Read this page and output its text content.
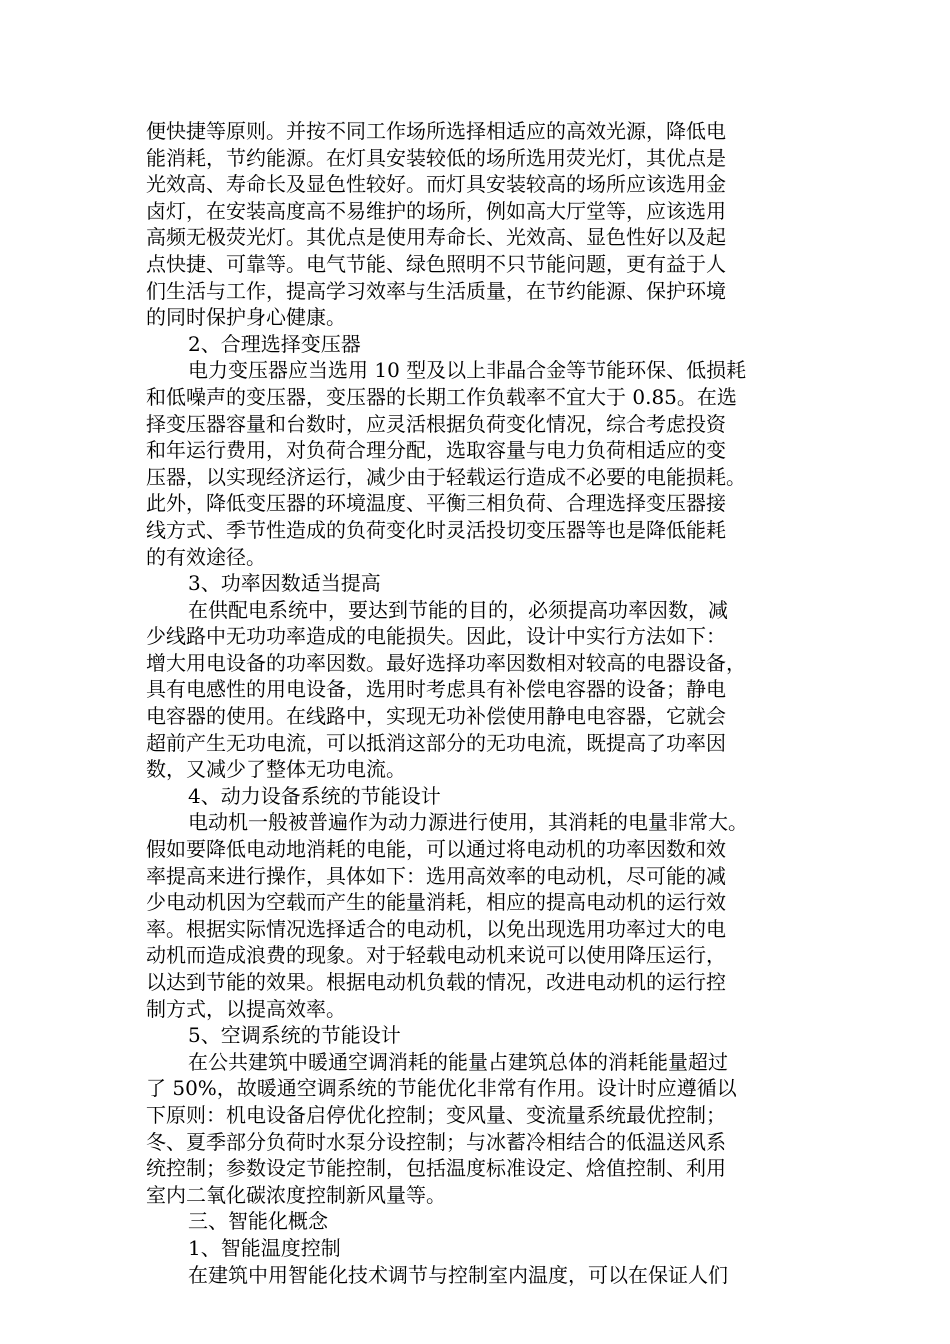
便快捷等原则。并按不同工作场所选择相适应的高效光源，降低电
能消耗，节约能源。在灯具安装较低的场所选用荧光灯，其优点是
光效高、寿命长及显色性较好。而灯具安装较高的场所应该选用金
卤灯，在安装高度高不易维护的场所，例如高大厅堂等，应该选用
高频无极荧光灯。其优点是使用寿命长、光效高、显色性好以及起
点快捷、可靠等。电气节能、绿色照明不只节能问题，更有益于人
们生活与工作，提高学习效率与生活质量，在节约能源、保护环境
的同时保护身心健康。
2、合理选择变压器
电力变压器应当选用 10 型及以上非晶合金等节能环保、低损耗
和低噪声的变压器，变压器的长期工作负载率不宜大于 0.85。在选
择变压器容量和台数时，应灵活根据负荷变化情况，综合考虑投资
和年运行费用，对负荷合理分配，选取容量与电力负荷相适应的变
压器，以实现经济运行，减少由于轻载运行造成不必要的电能损耗。
此外，降低变压器的环境温度、平衡三相负荷、合理选择变压器接
线方式、季节性造成的负荷变化时灵活投切变压器等也是降低能耗
的有效途径。
3、功率因数适当提高
在供配电系统中，要达到节能的目的，必须提高功率因数，减
少线路中无功功率造成的电能损失。因此，设计中实行方法如下：
增大用电设备的功率因数。最好选择功率因数相对较高的电器设备，
具有电感性的用电设备，选用时考虑具有补偿电容器的设备；静电
电容器的使用。在线路中，实现无功补偿使用静电电容器，它就会
超前产生无功电流，可以抵消这部分的无功电流，既提高了功率因
数，又减少了整体无功电流。
4、动力设备系统的节能设计
电动机一般被普遍作为动力源进行使用，其消耗的电量非常大。
假如要降低电动地消耗的电能，可以通过将电动机的功率因数和效
率提高来进行操作，具体如下：选用高效率的电动机，尽可能的减
少电动机因为空载而产生的能量消耗，相应的提高电动机的运行效
率。根据实际情况选择适合的电动机，以免出现选用功率过大的电
动机而造成浪费的现象。对于轻载电动机来说可以使用降压运行，
以达到节能的效果。根据电动机负载的情况，改进电动机的运行控
制方式，以提高效率。
5、空调系统的节能设计
在公共建筑中暖通空调消耗的能量占建筑总体的消耗能量超过
了 50%，故暖通空调系统的节能优化非常有作用。设计时应遵循以
下原则：机电设备启停优化控制；变风量、变流量系统最优控制；
冬、夏季部分负荷时水泵分设控制；与冰蓄冷相结合的低温送风系
统控制；参数设定节能控制，包括温度标准设定、焓值控制、利用
室内二氧化碳浓度控制新风量等。
三、智能化概念
1、智能温度控制
在建筑中用智能化技术调节与控制室内温度，可以在保证人们
